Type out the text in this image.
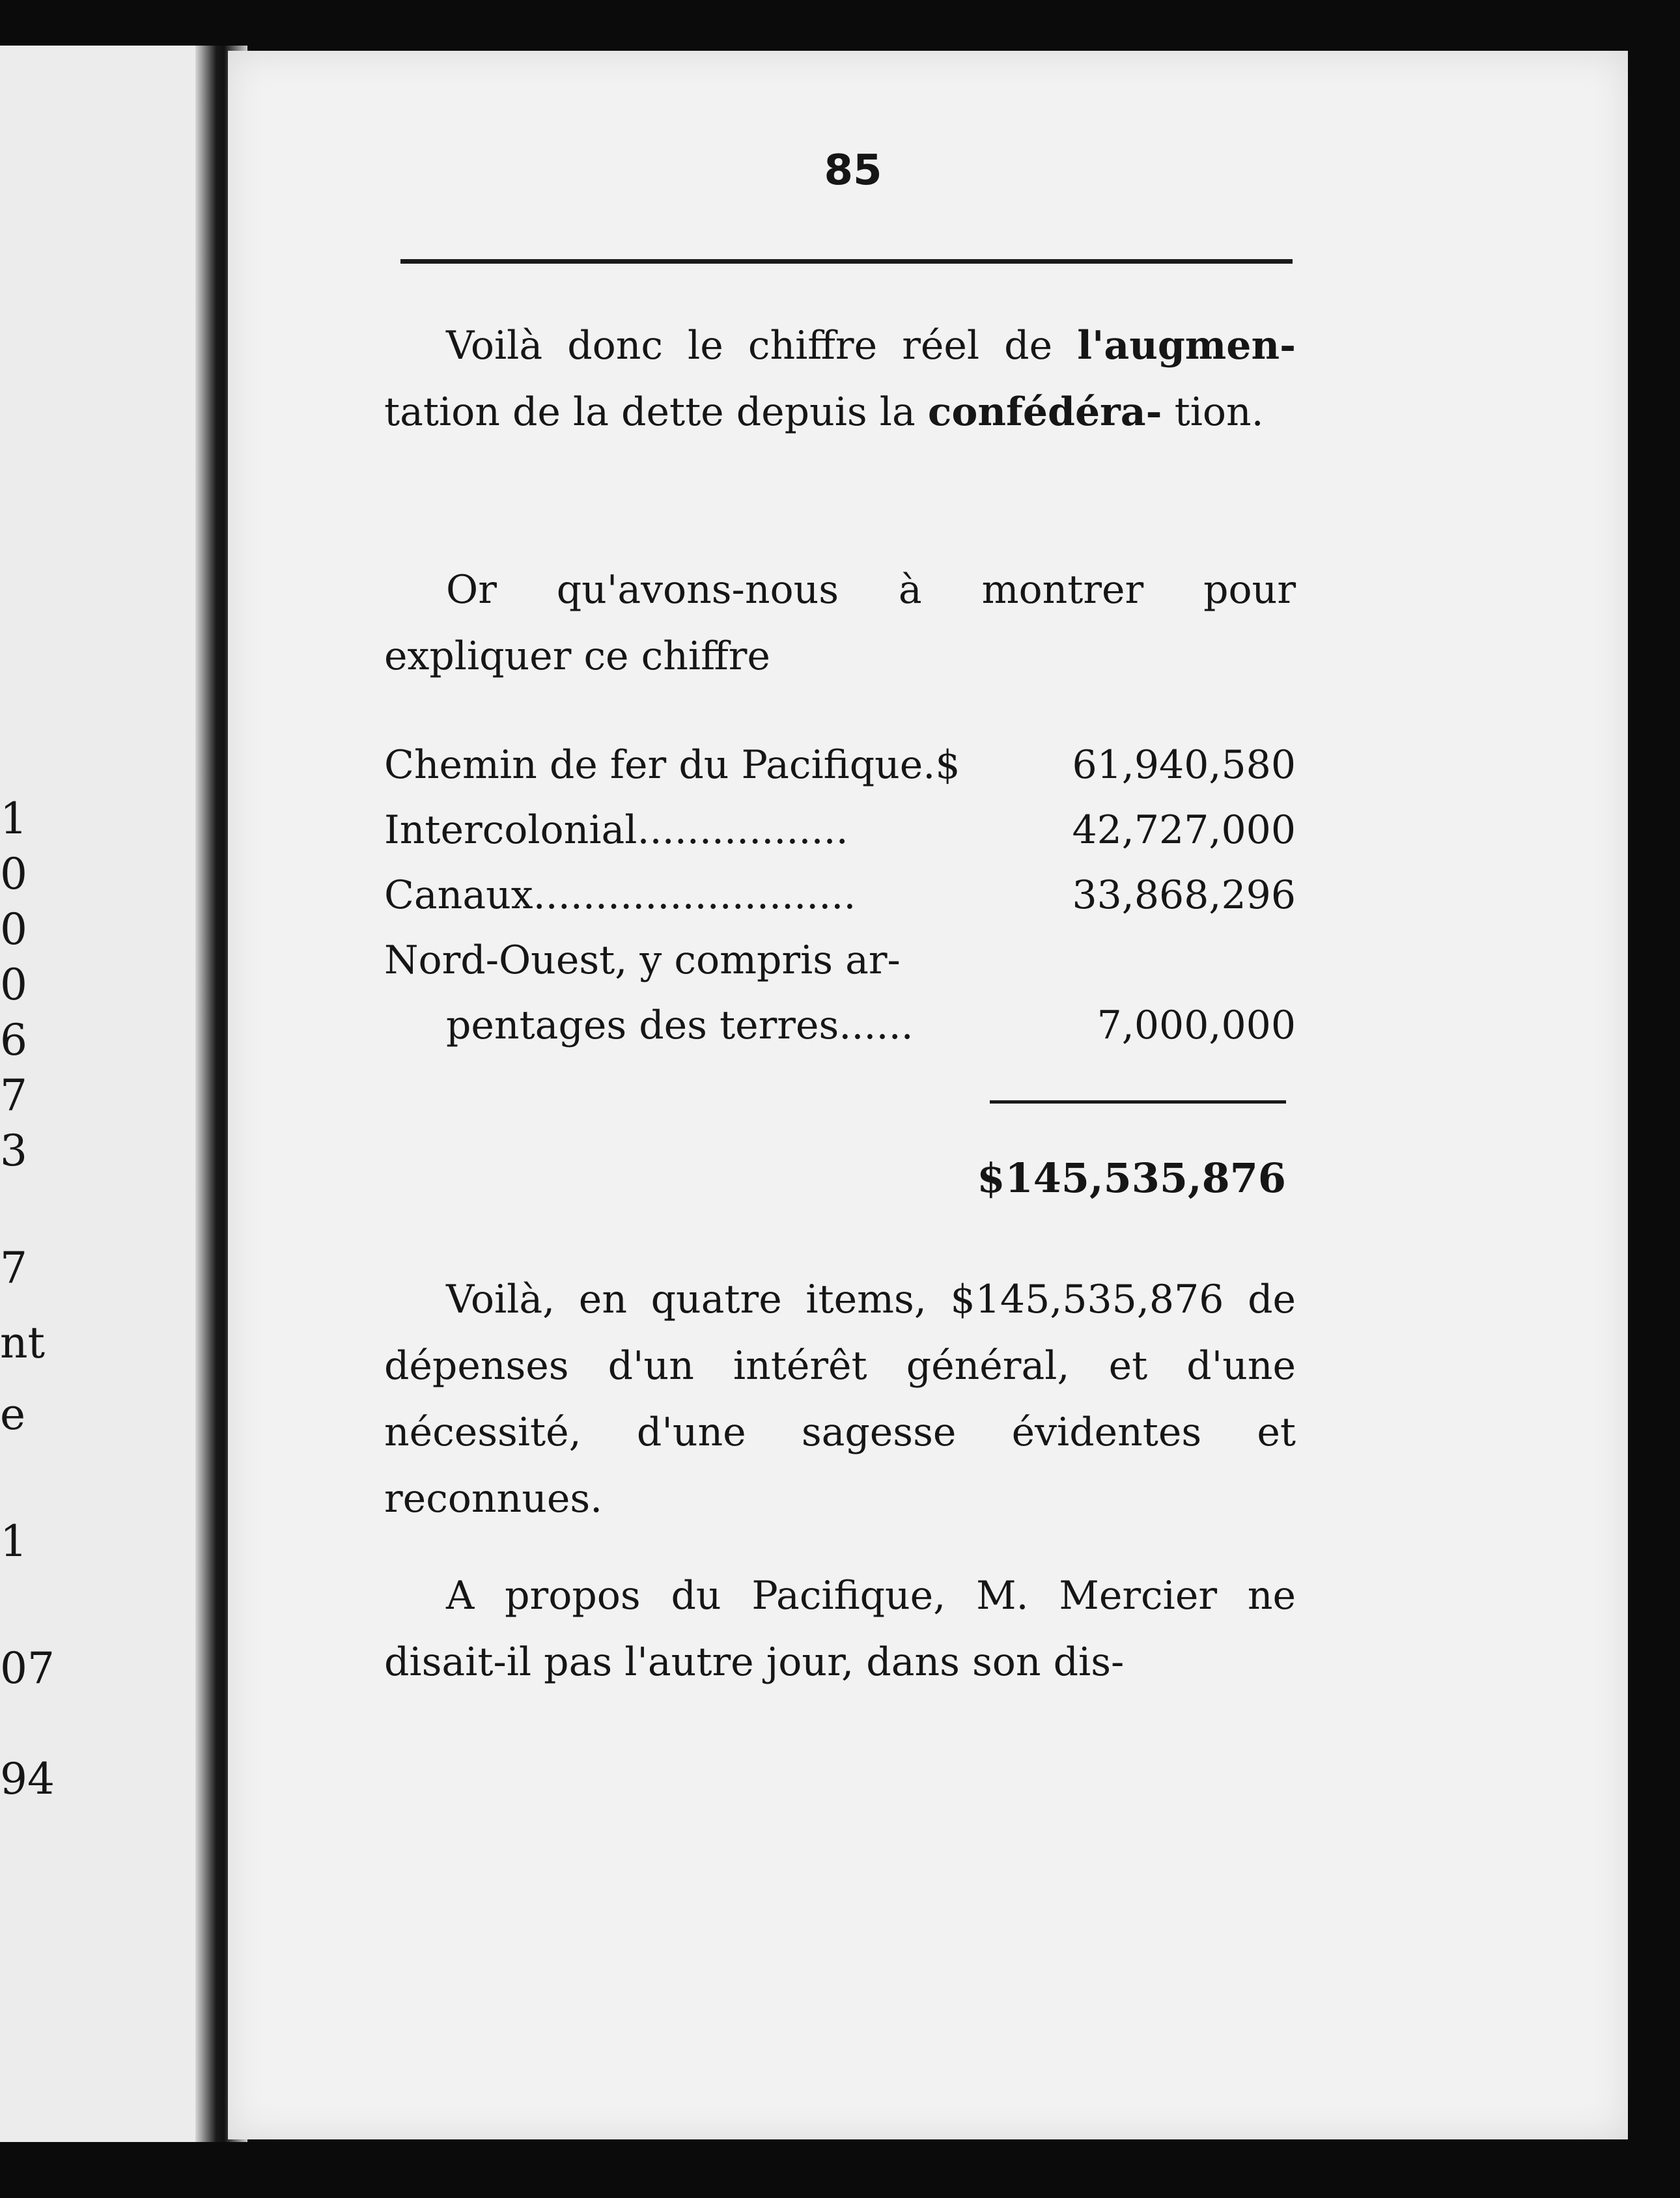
1
0
0
0
6
7
3
7
nt
e
1
07
94
85

Voilà donc le chiffre réel de l'augmen- tation de la dette depuis la confédéra- tion.

Or qu'avons-nous à montrer pour expliquer ce chiffre

Chemin de fer du Pacifique.$	61,940,580
Intercolonial.................	42,727,000
Canaux..........................	33,868,296
Nord-Ouest, y compris ar-
pentages des terres......	7,000,000
$145,535,876

Voilà, en quatre items, $145,535,876 de dépenses d'un intérêt général, et d'une nécessité, d'une sagesse évidentes et reconnues.

A propos du Pacifique, M. Mercier ne disait-il pas l'autre jour, dans son dis-
